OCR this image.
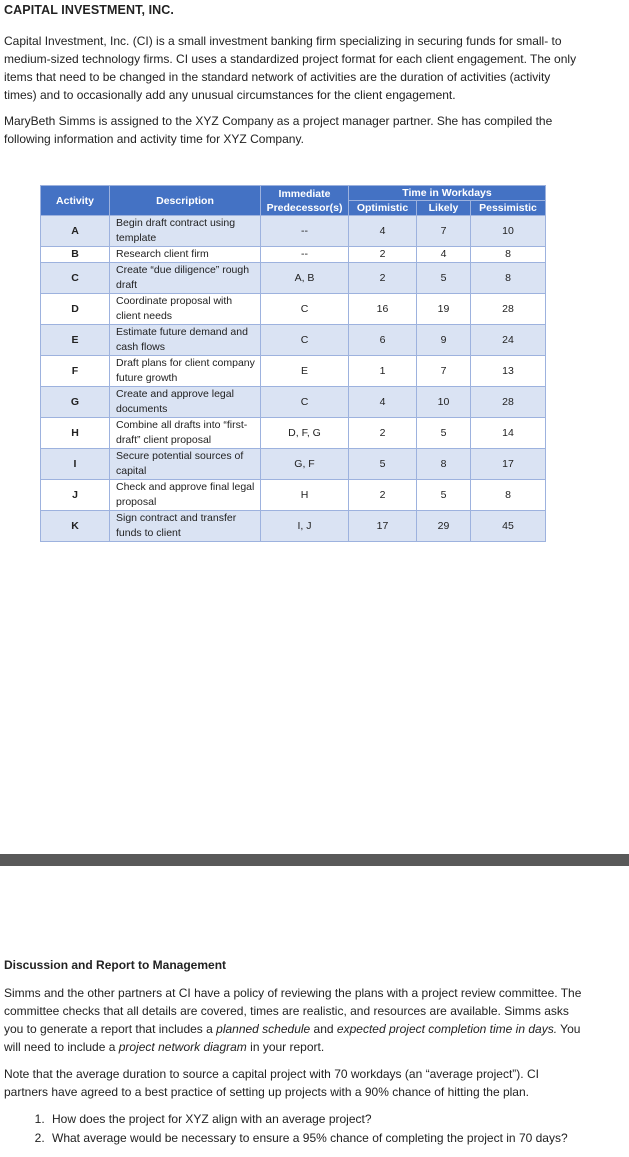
CAPITAL INVESTMENT, INC.

Capital Investment, Inc. (CI) is a small investment banking firm specializing in securing funds for small- to medium-sized technology firms. CI uses a standardized project format for each client engagement. The only items that need to be changed in the standard network of activities are the duration of activities (activity times) and to occasionally add any unusual circumstances for the client engagement.

MaryBeth Simms is assigned to the XYZ Company as a project manager partner. She has compiled the following information and activity time for XYZ Company.

Activity	Description	Immediate Predecessor(s)	Time in Workdays		
			Optimistic	Likely	Pessimistic
A	Begin draft contract using template	--	4	7	10
B	Research client firm	--	2	4	8
C	Create “due diligence” rough draft	A, B	2	5	8
D	Coordinate proposal with client needs	C	16	19	28
E	Estimate future demand and cash flows	C	6	9	24
F	Draft plans for client company future growth	E	1	7	13
G	Create and approve legal documents	C	4	10	28
H	Combine all drafts into “first-draft” client proposal	D, F, G	2	5	14
I	Secure potential sources of capital	G, F	5	8	17
J	Check and approve final legal proposal	H	2	5	8
K	Sign contract and transfer funds to client	I, J	17	29	45
Discussion and Report to Management

Simms and the other partners at CI have a policy of reviewing the plans with a project review committee. The committee checks that all details are covered, times are realistic, and resources are available. Simms asks you to generate a report that includes a planned schedule and expected project completion time in days. You will need to include a project network diagram in your report.

Note that the average duration to source a capital project with 70 workdays (an “average project”). CI partners have agreed to a best practice of setting up projects with a 90% chance of hitting the plan.

1. How does the project for XYZ align with an average project?
2. What average would be necessary to ensure a 95% chance of completing the project in 70 days?
